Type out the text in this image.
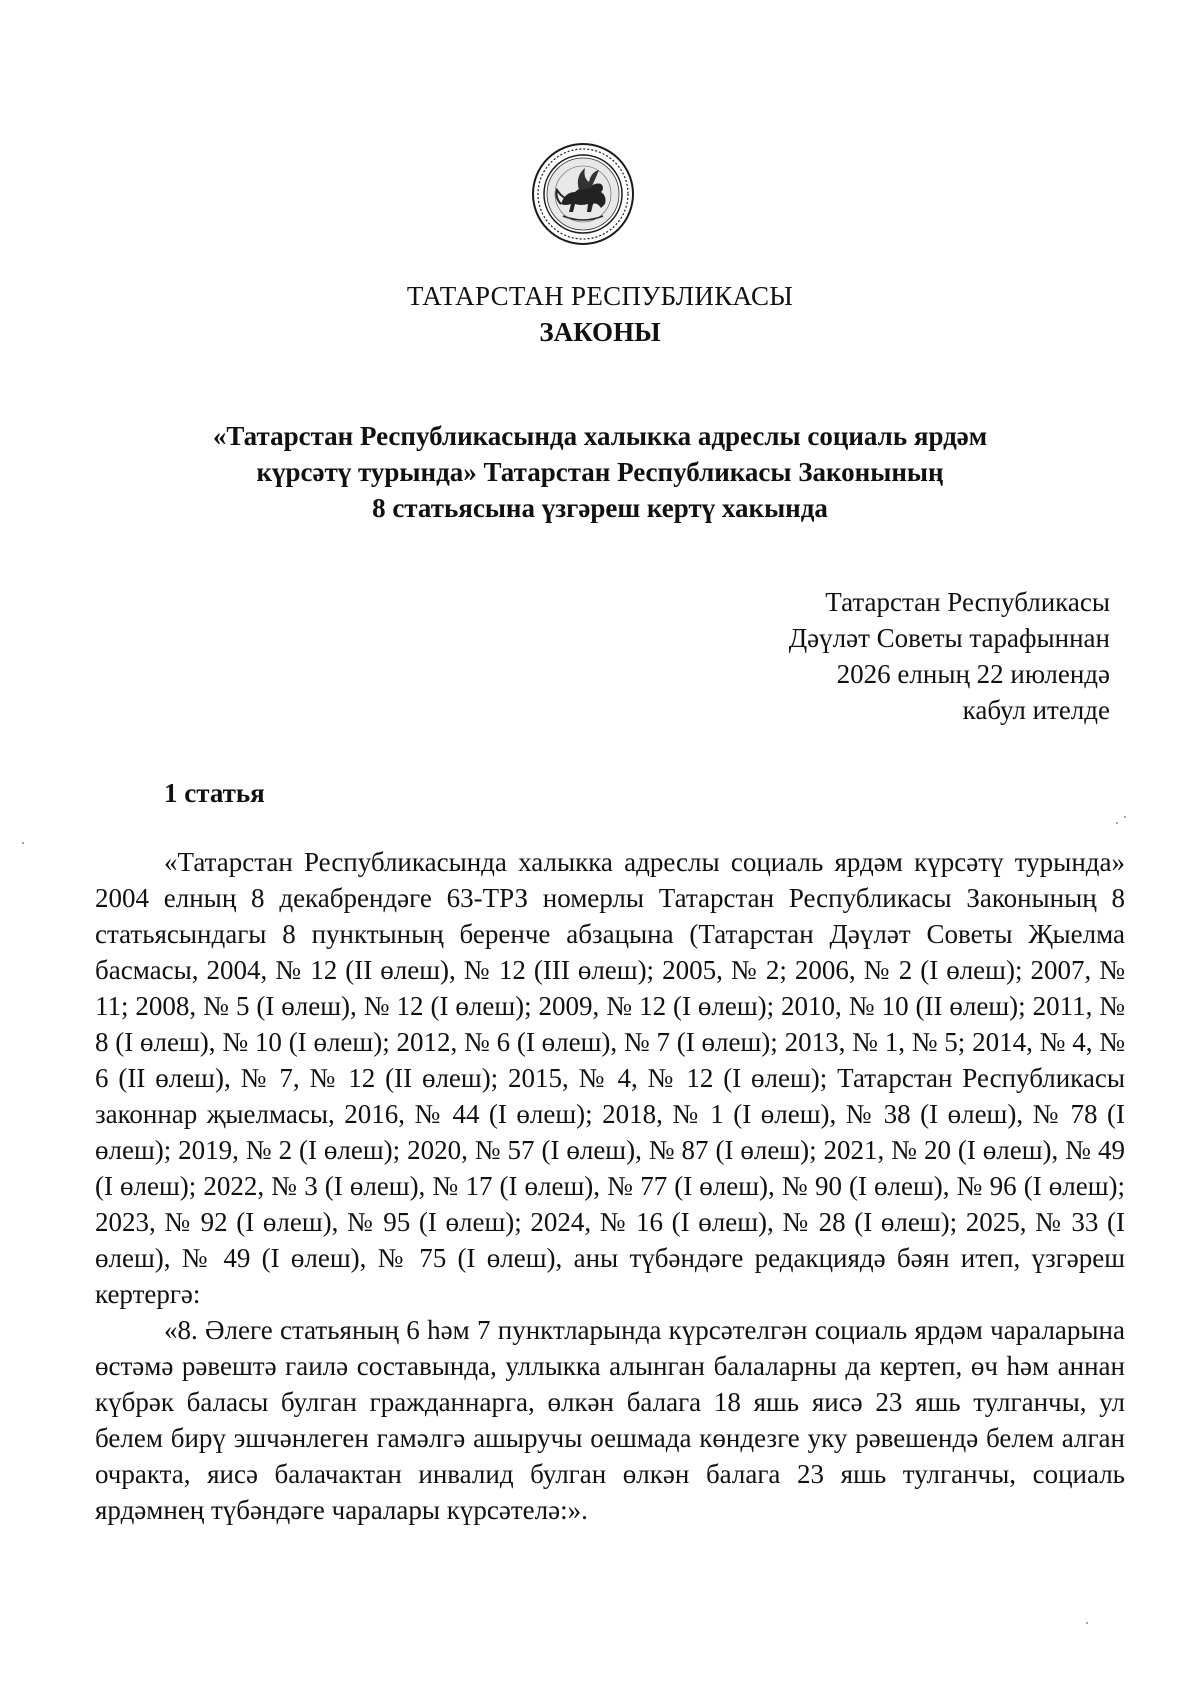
ТАТАРСТАН РЕСПУБЛИКАСЫ
ЗАКОНЫ
«Татарстан Республикасында халыкка адреслы социаль ярдәм
күрсәтү турында» Татарстан Республикасы Законының
8 статьясына үзгәреш кертү хакында
Татарстан Республикасы
Дәүләт Советы тарафыннан
2026 елның 22 июлендә
кабул ителде
1 статья

«Татарстан Республикасында халыкка адреслы социаль ярдәм күрсәтү турында» 2004 елның 8 декабрендәге 63-ТРЗ номерлы Татарстан Республикасы Законының 8 статьясындагы 8 пунктының беренче абзацына (Татарстан Дәүләт Советы Җыелма басмасы, 2004, № 12 (II өлеш), № 12 (III өлеш); 2005, № 2; 2006, № 2 (I өлеш); 2007, № 11; 2008, № 5 (I өлеш), № 12 (I өлеш); 2009, № 12 (I өлеш); 2010, № 10 (II өлеш); 2011, № 8 (I өлеш), № 10 (I өлеш); 2012, № 6 (I өлеш), № 7 (I өлеш); 2013, № 1, № 5; 2014, № 4, № 6 (II өлеш), № 7, № 12 (II өлеш); 2015, № 4, № 12 (I өлеш); Татарстан Республикасы законнар җыелмасы, 2016, № 44 (I өлеш); 2018, № 1 (I өлеш), № 38 (I өлеш), № 78 (I өлеш); 2019, № 2 (I өлеш); 2020, № 57 (I өлеш), № 87 (I өлеш); 2021, № 20 (I өлеш), № 49 (I өлеш); 2022, № 3 (I өлеш), № 17 (I өлеш), № 77 (I өлеш), № 90 (I өлеш), № 96 (I өлеш); 2023, № 92 (I өлеш), № 95 (I өлеш); 2024, № 16 (I өлеш), № 28 (I өлеш); 2025, № 33 (I өлеш), № 49 (I өлеш), № 75 (I өлеш), аны түбәндәге редакциядә бәян итеп, үзгәреш кертергә:

«8. Әлеге статьяның 6 һәм 7 пунктларында күрсәтелгән социаль ярдәм чараларына өстәмә рәвештә гаилә составында, уллыкка алынган балаларны да кертеп, өч һәм аннан күбрәк баласы булган гражданнарга, өлкән балага 18 яшь яисә 23 яшь тулганчы, ул белем бирү эшчәнлеген гамәлгә ашыручы оешмада көндезге уку рәвешендә белем алган очракта, яисә балачактан инвалид булган өлкән балага 23 яшь тулганчы, социаль ярдәмнең түбәндәге чаралары күрсәтелә:».
